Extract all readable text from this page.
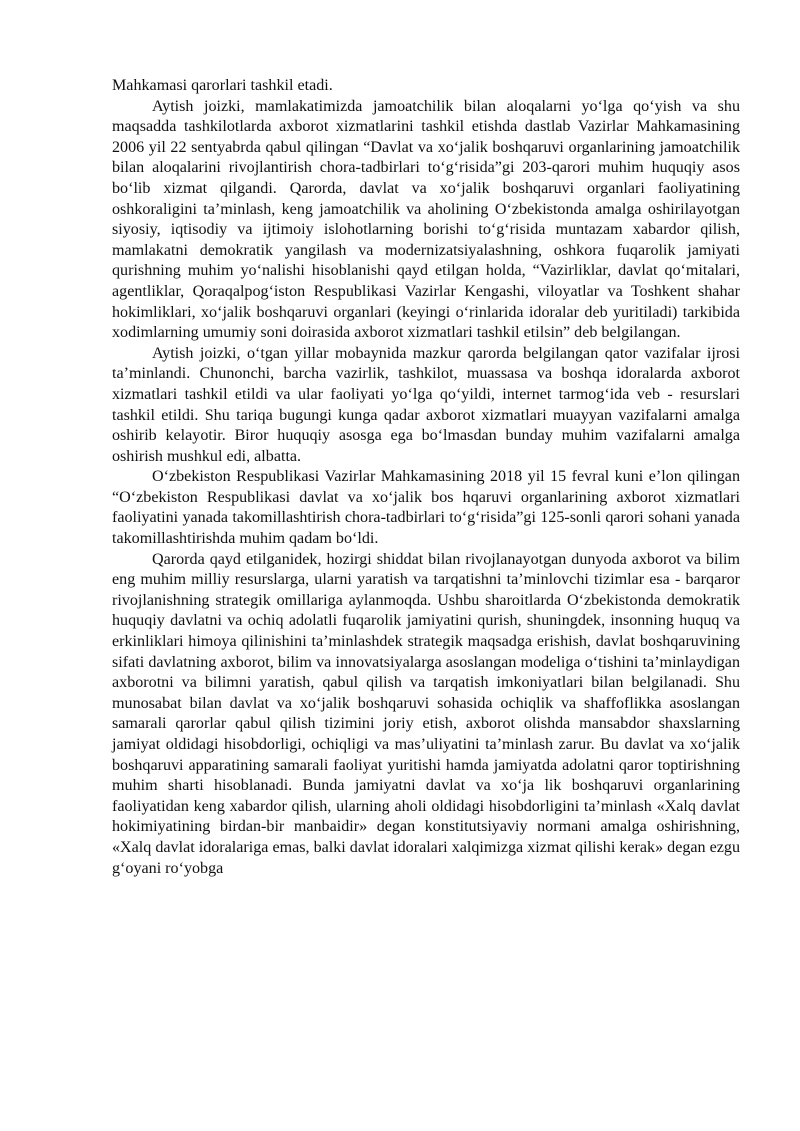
Mahkamasi qarorlari tashkil etadi.

Aytish joizki, mamlakatimizda jamoatchilik bilan aloqalarni yo‘lga qo‘yish va shu maqsadda tashkilotlarda axborot xizmatlarini tashkil etishda dastlab Vazirlar Mahkamasining 2006 yil 22 sentyabrda qabul qilingan “Davlat va xo‘jalik boshqaruvi organlarining jamoatchilik bilan aloqalarini rivojlantirish chora-tadbirlari to‘g‘risida”gi 203-qarori muhim huquqiy asos bo‘lib xizmat qilgandi. Qarorda, davlat va xo‘jalik boshqaruvi organlari faoliyatining oshkoraligini ta’minlash, keng jamoatchilik va aholining O‘zbekistonda amalga oshirilayotgan siyosiy, iqtisodiy va ijtimoiy islohotlarning borishi to‘g‘risida muntazam xabardor qilish, mamlakatni demokratik yangilash va modernizatsiyalashning, oshkora fuqarolik jamiyati qurishning muhim yo‘nalishi hisoblanishi qayd etilgan holda, “Vazirliklar, davlat qo‘mitalari, agentliklar, Qoraqalpog‘iston Respublikasi Vazirlar Kengashi, viloyatlar va Toshkent shahar hokimliklari, xo‘jalik boshqaruvi organlari (keyingi o‘rinlarida idoralar deb yuritiladi) tarkibida xodimlarning umumiy soni doirasida axborot xizmatlari tashkil etilsin” deb belgilangan.

Aytish joizki, o‘tgan yillar mobaynida mazkur qarorda belgilangan qator vazifalar ijrosi ta’minlandi. Chunonchi, barcha vazirlik, tashkilot, muassasa va boshqa idoralarda axborot xizmatlari tashkil etildi va ular faoliyati yo‘lga qo‘yildi, internet tarmog‘ida veb - resurslari tashkil etildi. Shu tariqa bugungi kunga qadar axborot xizmatlari muayyan vazifalarni amalga oshirib kelayotir. Biror huquqiy asosga ega bo‘lmasdan bunday muhim vazifalarni amalga oshirish mushkul edi, albatta.

O‘zbekiston Respublikasi Vazirlar Mahkamasining 2018 yil 15 fevral kuni e’lon qilingan “O‘zbekiston Respublikasi davlat va xo‘jalik bos hqaruvi organlarining axborot xizmatlari faoliyatini yanada takomillashtirish chora-tadbirlari to‘g‘risida”gi 125-sonli qarori sohani yanada takomillashtirishda muhim qadam bo‘ldi.

Qarorda qayd etilganidek, hozirgi shiddat bilan rivojlanayotgan dunyoda axborot va bilim eng muhim milliy resurslarga, ularni yaratish va tarqatishni ta’minlovchi tizimlar esa - barqaror rivojlanishning strategik omillariga aylanmoqda. Ushbu sharoitlarda O‘zbekistonda demokratik huquqiy davlatni va ochiq adolatli fuqarolik jamiyatini qurish, shuningdek, insonning huquq va erkinliklari himoya qilinishini ta’minlashdek strategik maqsadga erishish, davlat boshqaruvining sifati davlatning axborot, bilim va innovatsiyalarga asoslangan modeliga o‘tishini ta’minlaydigan axborotni va bilimni yaratish, qabul qilish va tarqatish imkoniyatlari bilan belgilanadi. Shu munosabat bilan davlat va xo‘jalik boshqaruvi sohasida ochiqlik va shaffoflikka asoslangan samarali qarorlar qabul qilish tizimini joriy etish, axborot olishda mansabdor shaxslarning jamiyat oldidagi hisobdorligi, ochiqligi va mas’uliyatini ta’minlash zarur. Bu davlat va xo‘jalik boshqaruvi apparatining samarali faoliyat yuritishi hamda jamiyatda adolatni qaror toptirishning muhim sharti hisoblanadi. Bunda jamiyatni davlat va xo‘ja lik boshqaruvi organlarining faoliyatidan keng xabardor qilish, ularning aholi oldidagi hisobdorligini ta’minlash «Xalq davlat hokimiyatining birdan-bir manbaidir» degan konstitutsiyaviy normani amalga oshirishning, «Xalq davlat idoralariga emas, balki davlat idoralari xalqimizga xizmat qilishi kerak» degan ezgu g‘oyani ro‘yobga
